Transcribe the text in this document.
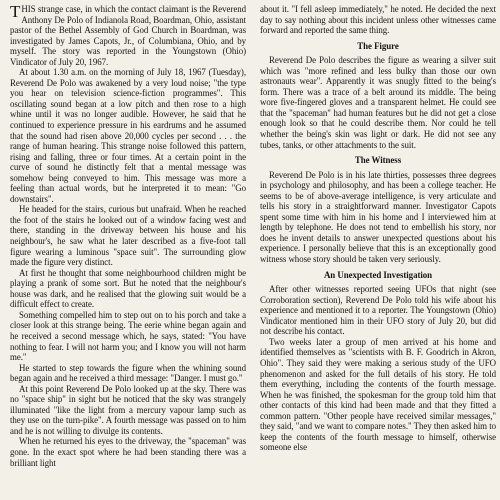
THIS strange case, in which the contact claimant is the Reverend Anthony De Polo of Indianola Road, Boardman, Ohio, assistant pastor of the Bethel Assembly of God Church in Boardman, was investigated by James Capots, Jr., of Columbiana, Ohio, and by myself. The story was reported in the Youngstown (Ohio) Vindicator of July 20, 1967.

At about 1.30 a.m. on the morning of July 18, 1967 (Tuesday), Reverend De Polo was awakened by a very loud noise; "the type you hear on television science-fiction programmes". This oscillating sound began at a low pitch and then rose to a high whine until it was no longer audible. However, he said that he continued to experience pressure in his eardrums and he assumed that the sound had risen above 20,000 cycles per second . . . the range of human hearing. This strange noise followed this pattern, rising and falling, three or four times. At a certain point in the curve of sound he distinctly felt that a mental message was somehow being conveyed to him. This message was more a feeling than actual words, but he interpreted it to mean: "Go downstairs".

He headed for the stairs, curious but unafraid. When he reached the foot of the stairs he looked out of a window facing west and there, standing in the driveway between his house and his neighbour's, he saw what he later described as a five-foot tall figure wearing a luminous "space suit". The surrounding glow made the figure very distinct.

At first he thought that some neighbourhood children might be playing a prank of some sort. But he noted that the neighbour's house was dark, and he realised that the glowing suit would be a difficult effect to create.

Something compelled him to step out on to his porch and take a closer look at this strange being. The eerie whine began again and he received a second message which, he says, stated: "You have nothing to fear. I will not harm you; and I know you will not harm me."

He started to step towards the figure when the whining sound began again and he received a third message: "Danger. I must go."

At this point Reverend De Polo looked up at the sky. There was no "space ship" in sight but he noticed that the sky was strangely illuminated "like the light from a mercury vapour lamp such as they use on the turn-pike". A fourth message was passed on to him and he is not willing to divulge its contents.

When he returned his eyes to the driveway, the "spaceman" was gone. In the exact spot where he had been standing there was a brilliant light

about it. "I fell asleep immediately," he noted. He decided the next day to say nothing about this incident unless other witnesses came forward and reported the same thing.

The Figure

Reverend De Polo describes the figure as wearing a silver suit which was "more refined and less bulky than those our own astronauts wear". Apparently it was snugly fitted to the being's form. There was a trace of a belt around its middle. The being wore five-fingered gloves and a transparent helmet. He could see that the "spaceman" had human features but he did not get a close enough look so that he could describe them. Nor could he tell whether the being's skin was light or dark. He did not see any tubes, tanks, or other attachments to the suit.

The Witness

Reverend De Polo is in his late thirties, possesses three degrees in psychology and philosophy, and has been a college teacher. He seems to be of above-average intelligence, is very articulate and tells his story in a straightforward manner. Investigator Capots spent some time with him in his home and I interviewed him at length by telephone. He does not tend to embellish his story, nor does he invent details to answer unexpected questions about his experience. I personally believe that this is an exceptionally good witness whose story should be taken very seriously.

An Unexpected Investigation

After other witnesses reported seeing UFOs that night (see Corroboration section), Reverend De Polo told his wife about his experience and mentioned it to a reporter. The Youngstown (Ohio) Vindicator mentioned him in their UFO story of July 20, but did not describe his contact.

Two weeks later a group of men arrived at his home and identified themselves as "scientists with B. F. Goodrich in Akron, Ohio". They said they were making a serious study of the UFO phenomenon and asked for the full details of his story. He told them everything, including the contents of the fourth message. When he was finished, the spokesman for the group told him that other contacts of this kind had been made and that they fitted a common pattern. "Other people have received similar messages," they said, "and we want to compare notes." They then asked him to keep the contents of the fourth message to himself, otherwise someone else
